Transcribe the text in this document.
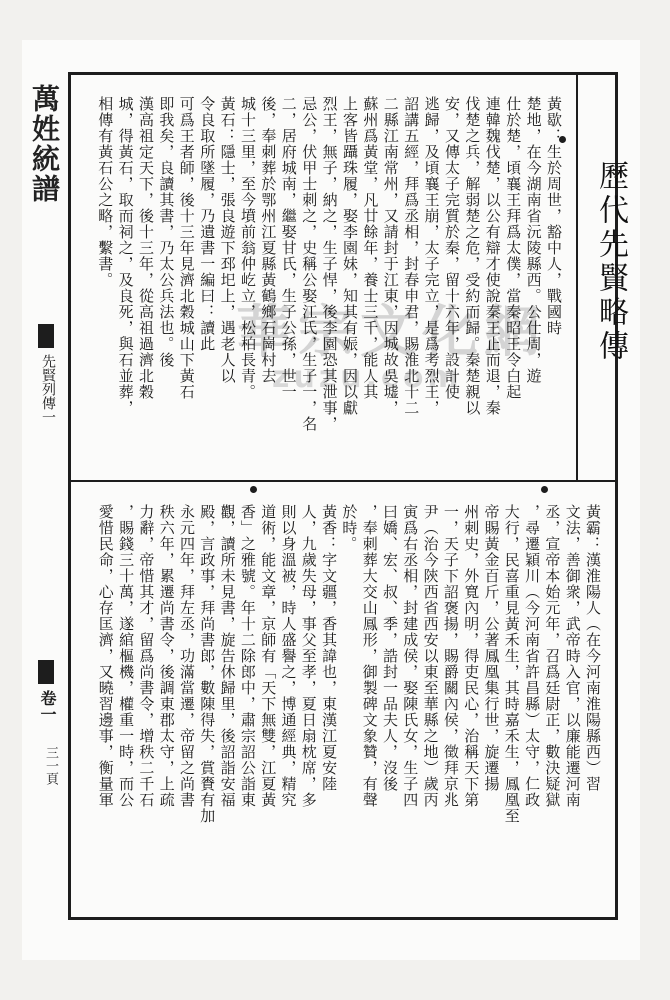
萬姓統譜
先賢列傳一
卷一
三一頁
歷代先賢略傳
華宗文化網
zuzu.com
黃歇：生於周世，豁中人，戰國時
楚地，在今湖南省沅陵縣西。公仕周，遊
仕於楚，頃襄王拜爲太僕，當秦昭王令白起
連韓魏伐楚，以公有辯才使說秦王止而退，秦
伐楚之兵，解弱楚之危，受約而歸。秦楚親以
安，又傳太子完質於秦，留十六年，設計使
逃歸，及頃襄王崩，太子完立，是爲考烈王，
詔講五經，拜爲丞相，封春申君，賜淮北十二
二縣江南常州，又請封于江東，因城故吳墟，
蘇州爲黃堂，凡廿餘年，養士三千，能人其
上客皆躡珠履，娶李園妹，知其有娠，因以獻
烈王，無子，納之，生子悍，後李園恐其泄事，
忌公，伏甲士刺之，史稱公娶江氏，生子一，名
二，居府城南，繼娶甘氏，生子公孫，世一
後，奉刺葬於鄂州江夏縣黃鶴鄉石崗村去
城十三里，至今墳前翁仲屹立，松柏長青。
黃石：隱士，張良遊下邳圯上，遇老人以
令良取所墜履，乃遺書一編曰：讀此
可爲王者師，後十三年見濟北穀城山下黃石
即我矣，良讀其書，乃太公兵法也。後
漢高祖定天下，後十三年，從高祖過濟北穀
城，得黃石，取而祠之，及良死，與石並葬，
相傳有黃石公之略，繫書。
黃霸：漢淮陽人（在今河南淮陽縣西）習
文法，善御衆，武帝時入官，以廉能遷河南
丞，宣帝本始元年，召爲廷尉正，數決疑獄
，尋遷穎川（今河南省許昌縣）太守，仁政
大行，民喜重見黃禾生，其時嘉禾生，鳳凰至
帝賜黃金百斤，公著鳳凰集行世，旋遷揚
州刺史，外寬內明，得吏民心，治稱天下第
一，天子下詔褒揚，賜爵關內侯，徵拜京兆
尹（治今陝西省西安以東至華縣之地）歲丙
寅爲右丞相，封建成侯，娶陳氏女，生子四
曰嬌、宏、叔、季，誥封一品夫人，沒後
，奉刺葬大交山鳳形，御製碑文象贊，有聲
於時。
黃香：字文疆，香其諱也，東漢江夏安陸
人，九歲失母，事父至孝，夏日扇枕席，多
則以身溫被，時人盛譽之，博通經典，精究
道術，能文章，京師有「天下無雙，江夏黃
香」之雅號。年十二除郎中，肅宗詔公詣東
觀，讀所未見書，旋告休歸里，後詔詣安福
殿，言政事，拜尚書郎，數陳得失，賞賚有加
永元四年，拜左丞，功滿當遷，帝留之尚書
秩六年，累遷尚書令，後調東郡太守，上疏
力辭，帝惜其才，留爲尚書令，增秩二千石
，賜錢三十萬，遂綰樞機，權重一時，而公
愛惜民命，心存匡濟，又曉習邊事，衡量軍
